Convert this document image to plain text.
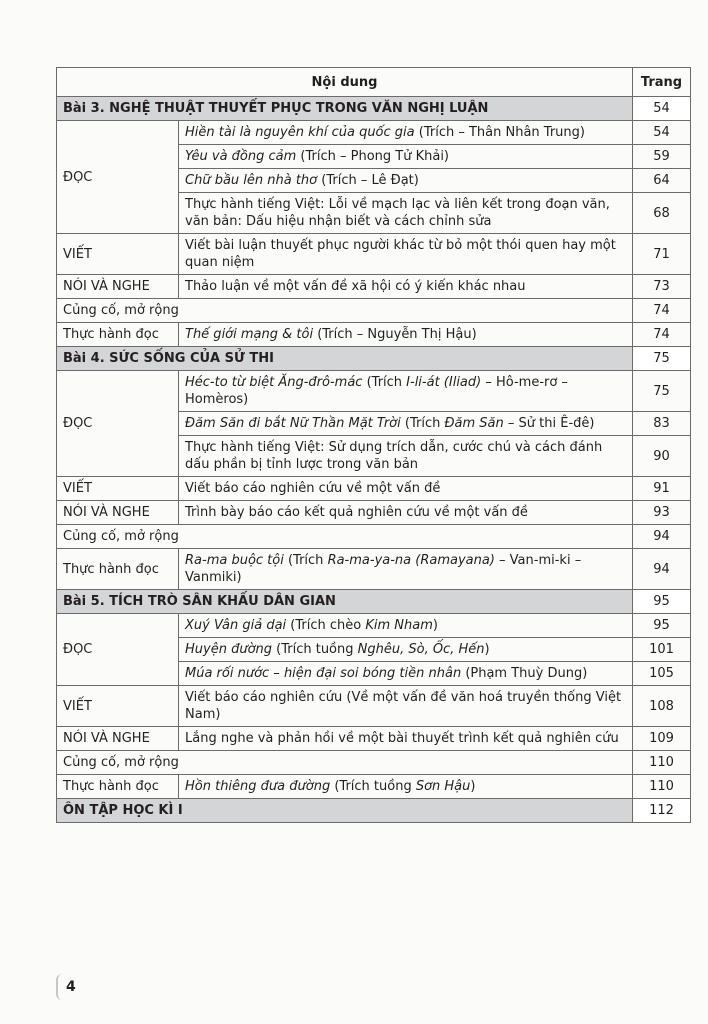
Nội dung		Trang
Bài 3. NGHỆ THUẬT THUYẾT PHỤC TRONG VĂN NGHỊ LUẬN		54
ĐỌC	Hiền tài là nguyên khí của quốc gia (Trích – Thân Nhân Trung)	54
	Yêu và đồng cảm (Trích – Phong Tử Khải)	59
	Chữ bầu lên nhà thơ (Trích – Lê Đạt)	64
	Thực hành tiếng Việt: Lỗi về mạch lạc và liên kết trong đoạn văn, văn bản: Dấu hiệu nhận biết và cách chỉnh sửa	68
VIẾT	Viết bài luận thuyết phục người khác từ bỏ một thói quen hay một quan niệm	71
NÓI VÀ NGHE	Thảo luận về một vấn đề xã hội có ý kiến khác nhau	73
Củng cố, mở rộng		74
Thực hành đọc	Thế giới mạng & tôi (Trích – Nguyễn Thị Hậu)	74
Bài 4. SỨC SỐNG CỦA SỬ THI		75
ĐỌC	Héc-to từ biệt Ăng-đrô-mác (Trích I-li-át (Iliad) – Hô-me-rơ – Homèros)	75
	Đăm Săn đi bắt Nữ Thần Mặt Trời (Trích Đăm Săn – Sử thi Ê-đê)	83
	Thực hành tiếng Việt: Sử dụng trích dẫn, cước chú và cách đánh dấu phần bị tỉnh lược trong văn bản	90
VIẾT	Viết báo cáo nghiên cứu về một vấn đề	91
NÓI VÀ NGHE	Trình bày báo cáo kết quả nghiên cứu về một vấn đề	93
Củng cố, mở rộng		94
Thực hành đọc	Ra-ma buộc tội (Trích Ra-ma-ya-na (Ramayana) – Van-mi-ki – Vanmiki)	94
Bài 5. TÍCH TRÒ SÂN KHẤU DÂN GIAN		95
ĐỌC	Xuý Vân giả dại (Trích chèo Kim Nham)	95
	Huyện đường (Trích tuồng Nghêu, Sò, Ốc, Hến)	101
	Múa rối nước – hiện đại soi bóng tiền nhân (Phạm Thuỳ Dung)	105
VIẾT	Viết báo cáo nghiên cứu (Về một vấn đề văn hoá truyền thống Việt Nam)	108
NÓI VÀ NGHE	Lắng nghe và phản hồi về một bài thuyết trình kết quả nghiên cứu	109
Củng cố, mở rộng		110
Thực hành đọc	Hồn thiêng đưa đường (Trích tuồng Sơn Hậu)	110
ÔN TẬP HỌC KÌ I		112
4
